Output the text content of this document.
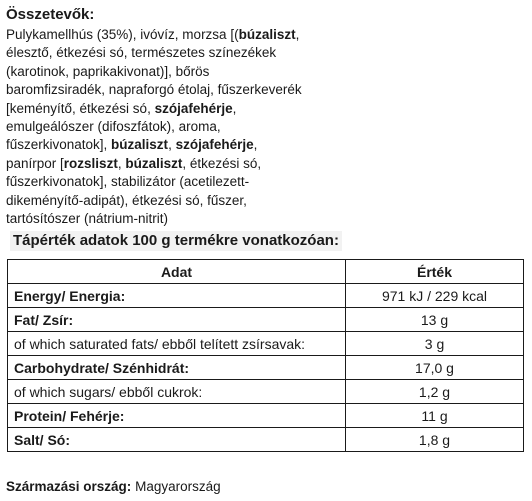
Összetevők:
Pulykamellhús (35%), ivóvíz, morzsa [(búzaliszt, élesztő, étkezési só, természetes színezékek (karotinok, paprikakivonat)], bőrös baromfizsiradék, napraforgó étolaj, fűszerkeverék [keményítő, étkezési só, szójafehérje, emulgeálószer (difoszfátok), aroma, fűszerkivonatok], búzaliszt, szójafehérje, panírpor [rozsliszt, búzaliszt, étkezési só, fűszerkivonatok], stabilizátor (acetilezett-dikeményítő-adipát), étkezési só, fűszer, tartósítószer (nátrium-nitrit)
Tápérték adatok 100 g termékre vonatkozóan:
Adat	Érték
Energy/ Energia:	971 kJ / 229 kcal
Fat/ Zsír:	13 g
of which saturated fats/ ebből telített zsírsavak:	3 g
Carbohydrate/ Szénhidrát:	17,0 g
of which sugars/ ebből cukrok:	1,2 g
Protein/ Fehérje:	11 g
Salt/ Só:	1,8 g
Származási ország: Magyarország
